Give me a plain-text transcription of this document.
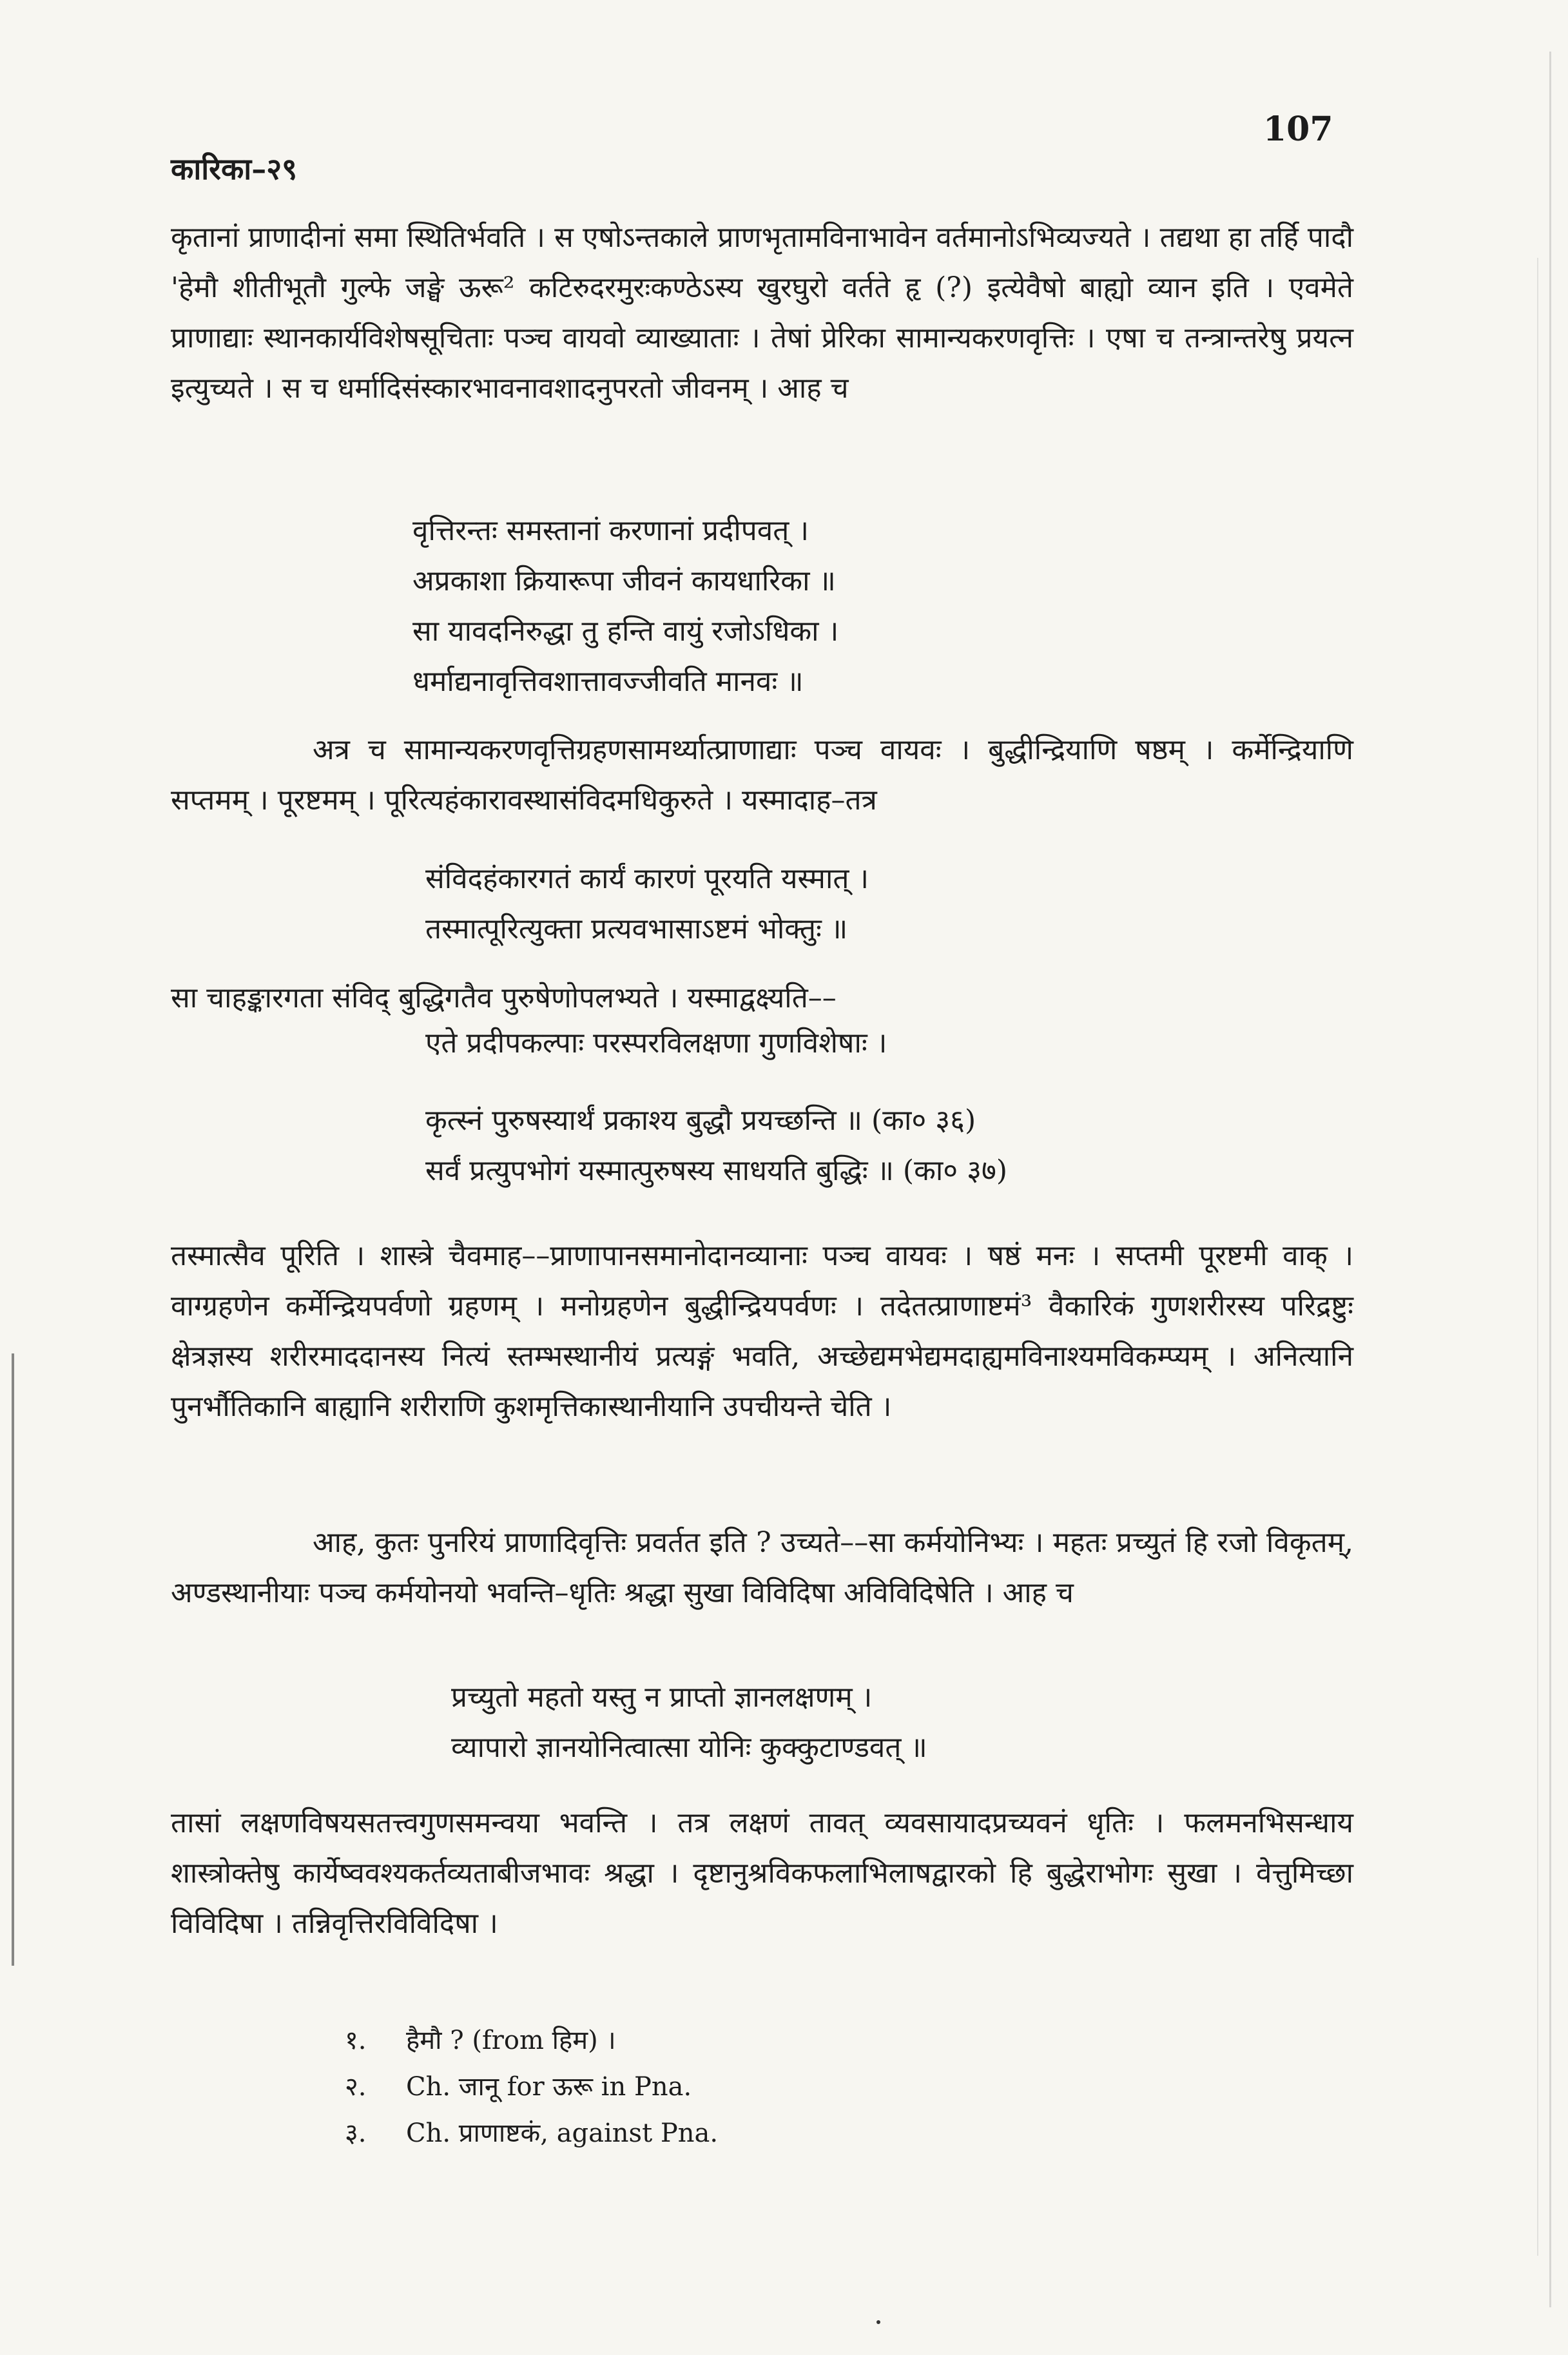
कारिका–२९
107
कृतानां प्राणादीनां समा स्थितिर्भवति । स एषोऽन्तकाले प्राणभृतामविनाभावेन वर्तमानोऽभिव्यज्यते । तद्यथा हा तर्हि पादौ 'हेमौ शीतीभूतौ गुल्फे जङ्घे ऊरू² कटिरुदरमुरःकण्ठेऽस्य खुरघुरो वर्तते हृ (?) इत्येवैषो बाह्यो व्यान इति । एवमेते प्राणाद्याः स्थानकार्यविशेषसूचिताः पञ्च वायवो व्याख्याताः । तेषां प्रेरिका सामान्यकरणवृत्तिः । एषा च तन्त्रान्तरेषु प्रयत्न इत्युच्यते । स च धर्मादिसंस्कारभावनावशादनुपरतो जीवनम् । आह च
वृत्तिरन्तः समस्तानां करणानां प्रदीपवत् ।
अप्रकाशा क्रियारूपा जीवनं कायधारिका ॥
सा यावदनिरुद्धा तु हन्ति वायुं रजोऽधिका ।
धर्माद्यनावृत्तिवशात्तावज्जीवति मानवः ॥
अत्र च सामान्यकरणवृत्तिग्रहणसामर्थ्यात्प्राणाद्याः पञ्च वायवः । बुद्धीन्द्रियाणि षष्ठम् । कर्मेन्द्रियाणि सप्तमम् । पूरष्टमम् । पूरित्यहंकारावस्थासंविदमधिकुरुते । यस्मादाह–तत्र
संविदहंकारगतं कार्यं कारणं पूरयति यस्मात् ।
तस्मात्पूरित्युक्ता प्रत्यवभासाऽष्टमं भोक्तुः ॥
सा चाहङ्कारगता संविद् बुद्धिगतैव पुरुषेणोपलभ्यते । यस्माद्वक्ष्यति––
एते प्रदीपकल्पाः परस्परविलक्षणा गुणविशेषाः ।
कृत्स्नं पुरुषस्यार्थं प्रकाश्य बुद्धौ प्रयच्छन्ति ॥ (का० ३६)
सर्वं प्रत्युपभोगं यस्मात्पुरुषस्य साधयति बुद्धिः ॥ (का० ३७)
तस्मात्सैव पूरिति । शास्त्रे चैवमाह––प्राणापानसमानोदानव्यानाः पञ्च वायवः । षष्ठं मनः । सप्तमी पूरष्टमी वाक् । वाग्ग्रहणेन कर्मेन्द्रियपर्वणो ग्रहणम् । मनोग्रहणेन बुद्धीन्द्रियपर्वणः । तदेतत्प्राणाष्टमं³ वैकारिकं गुणशरीरस्य परिद्रष्टुः क्षेत्रज्ञस्य शरीरमाददानस्य नित्यं स्तम्भस्थानीयं प्रत्यङ्गं भवति, अच्छेद्यमभेद्यमदाह्यमविनाश्यमविकम्प्यम् । अनित्यानि पुनर्भौतिकानि बाह्यानि शरीराणि कुशमृत्तिकास्थानीयानि उपचीयन्ते चेति ।
आह, कुतः पुनरियं प्राणादिवृत्तिः प्रवर्तत इति ? उच्यते––सा कर्मयोनिभ्यः । महतः प्रच्युतं हि रजो विकृतम्, अण्डस्थानीयाः पञ्च कर्मयोनयो भवन्ति–धृतिः श्रद्धा सुखा विविदिषा अविविदिषेति । आह च
प्रच्युतो महतो यस्तु न प्राप्तो ज्ञानलक्षणम् ।
व्यापारो ज्ञानयोनित्वात्सा योनिः कुक्कुटाण्डवत् ॥
तासां लक्षणविषयसतत्त्वगुणसमन्वया भवन्ति । तत्र लक्षणं तावत् व्यवसायादप्रच्यवनं धृतिः । फलमनभिसन्धाय शास्त्रोक्तेषु कार्येष्ववश्यकर्तव्यताबीजभावः श्रद्धा । दृष्टानुश्रविकफलाभिलाषद्वारको हि बुद्धेराभोगः सुखा । वेत्तुमिच्छा विविदिषा । तन्निवृत्तिरविविदिषा ।
१. हैमौ ? (from हिम) ।
२. Ch. जानू for ऊरू in Pna.
३. Ch. प्राणाष्टकं, against Pna.
